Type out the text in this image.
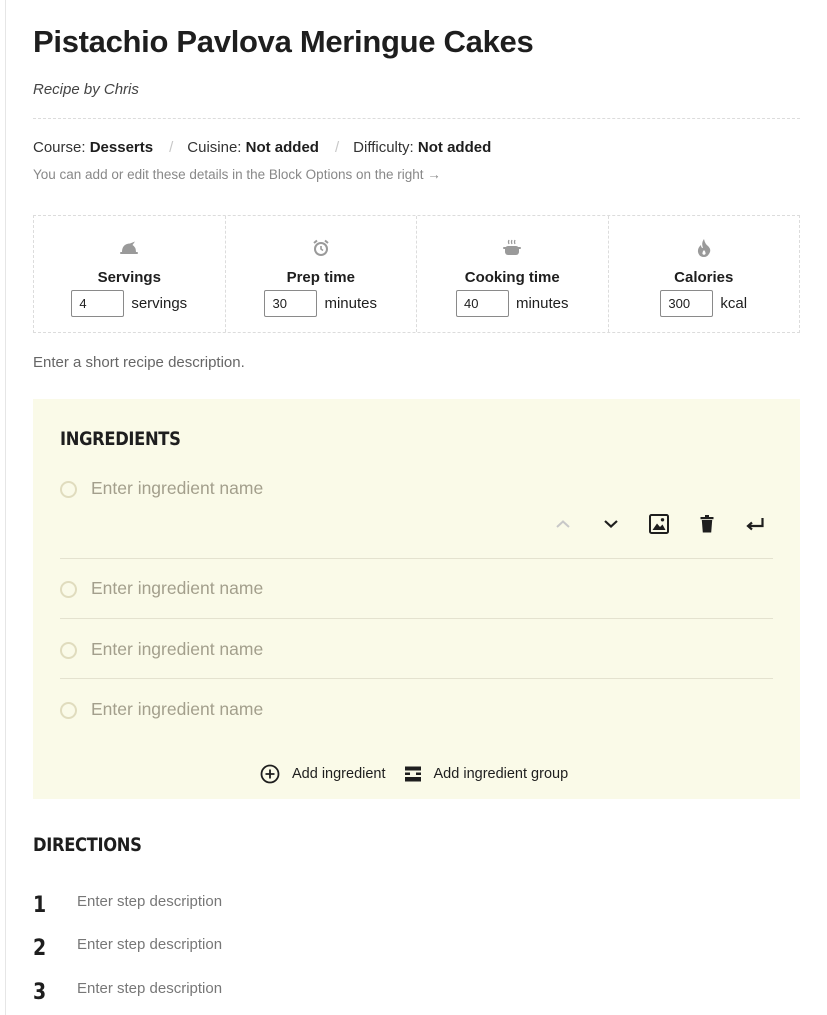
Pistachio Pavlova Meringue Cakes
Recipe by Chris
Course:
Desserts / Cuisine:
Not added / Difficulty:
Not added
You can add or edit these details in the Block Options on the right →
Servings
4	servings
Prep time
30	minutes
Cooking time
40	minutes
Calories
300	kcal
Enter a short recipe description.
INGREDIENTS
Enter ingredient name
Enter ingredient name
Enter ingredient name
Enter ingredient name
Add ingredient	Add ingredient group
DIRECTIONS
1 Enter step description
2 Enter step description
3 Enter step description
